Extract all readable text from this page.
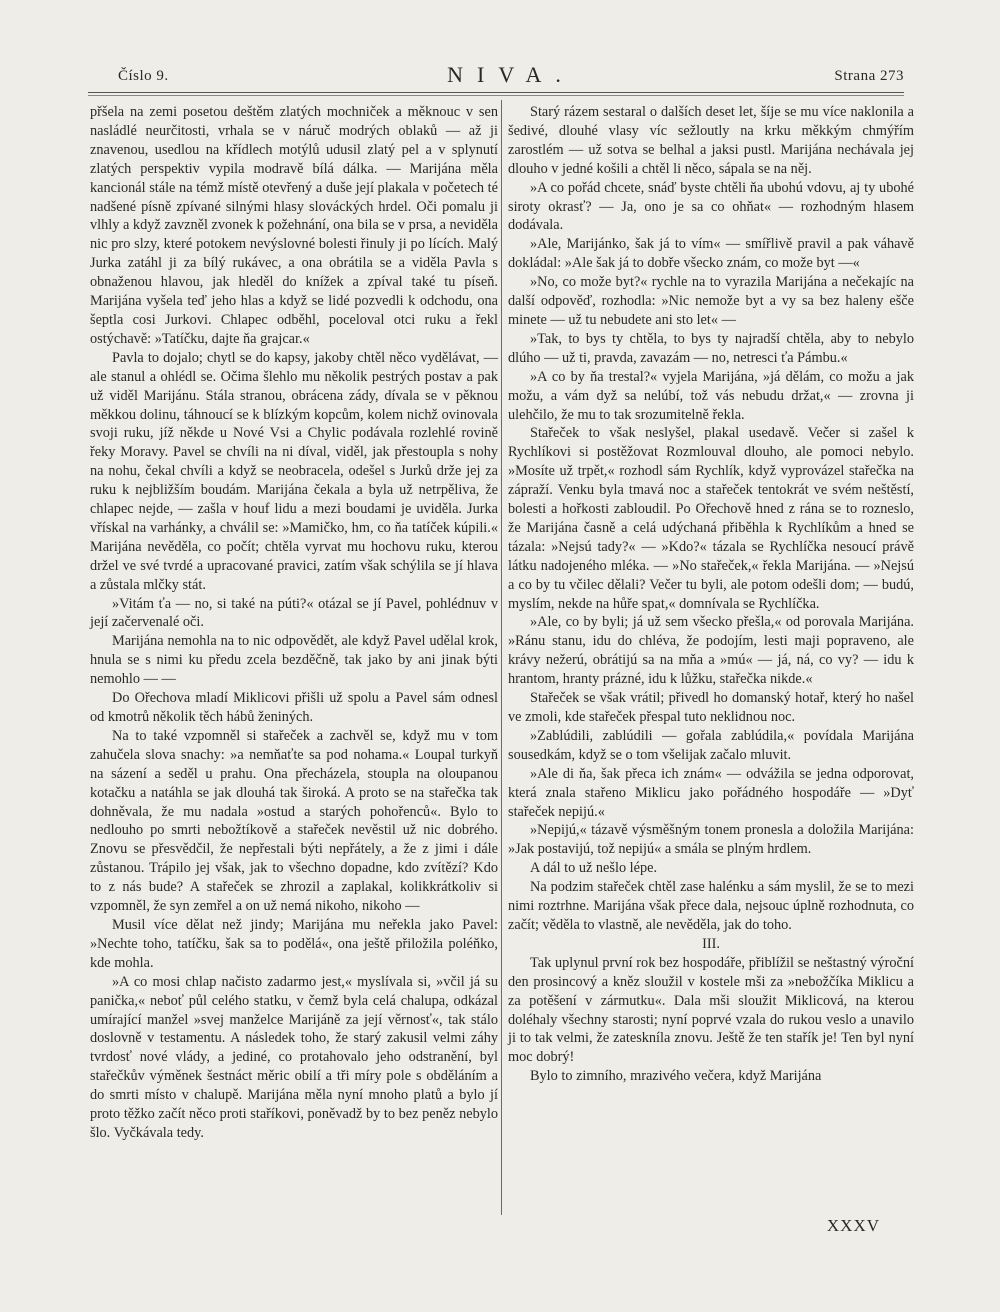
Číslo 9.	NIVA.	Strana 273

přšela na zemi posetou deštěm zlatých mochniček a měknouc v sen nasládlé neurčitosti, vrhala se v náruč modrých oblaků — až ji znavenou, usedlou na křídlech motýlů udusil zlatý pel a v splynutí zlatých perspektiv vypila modravě bílá dálka. — Marijána měla kancionál stále na témž místě otevřený a duše její plakala v početech té nadšené písně zpívané silnými hlasy slováckých hrdel. Oči pomalu ji vlhly a když zavzněl zvonek k požehnání, ona bila se v prsa, a neviděla nic pro slzy, které potokem nevýslovné bolesti řinuly ji po lících. Malý Jurka zatáhl ji za bílý rukávec, a ona obrátila se a viděla Pavla s obnaženou hlavou, jak hleděl do knížek a zpíval také tu píseň. Marijána vyšela teď jeho hlas a když se lidé pozvedli k odchodu, ona šeptla cosi Jurkovi. Chlapec odběhl, poceloval otci ruku a řekl ostýchavě: »Tatíčku, dajte ňa grajcar.«

Pavla to dojalo; chytl se do kapsy, jakoby chtěl něco vydělávat, — ale stanul a ohlédl se. Očima šlehlo mu několik pestrých postav a pak už viděl Marijánu. Stála stranou, obrácena zády, dívala se v pěknou měkkou dolinu, táhnoucí se k blízkým kopcům, kolem nichž ovinovala svoji ruku, jíž někde u Nové Vsi a Chylic podávala rozlehlé rovině řeky Moravy. Pavel se chvíli na ni díval, viděl, jak přestoupla s nohy na nohu, čekal chvíli a když se neobracela, odešel s Jurků drže jej za ruku k nejbližším boudám. Marijána čekala a byla už netrpěliva, že chlapec nejde, — zašla v houf lidu a mezi boudami je uviděla. Jurka vřískal na varhánky, a chválil se: »Mamičko, hm, co ňa tatíček kúpili.« Marijána nevěděla, co počít; chtěla vyrvat mu hochovu ruku, kterou držel ve své tvrdé a upracované pravici, zatím však schýlila se jí hlava a zůstala mlčky stát.

»Vitám ťa — no, si také na púti?« otázal se jí Pavel, pohlédnuv v její začervenalé oči.

Marijána nemohla na to nic odpovědět, ale když Pavel udělal krok, hnula se s nimi ku předu zcela bezděčně, tak jako by ani jinak býti nemohlo — —

Do Ořechova mladí Miklicovi přišli už spolu a Pavel sám odnesl od kmotrů několik těch hábů ženiných.

Na to také vzpomněl si stařeček a zachvěl se, když mu v tom zahučela slova snachy: »a nemňaťte sa pod nohama.« Loupal turkyň na sázení a seděl u prahu. Ona přecházela, stoupla na oloupanou kotačku a natáhla se jak dlouhá tak široká. A proto se na stařečka tak dohněvala, že mu nadala »ostud a starých pohořenců«. Bylo to nedlouho po smrti nebožtíkově a stařeček nevěstil už nic dobrého. Znovu se přesvědčil, že nepřestali býti nepřátely, a že z jimi i dále zůstanou. Trápilo jej však, jak to všechno dopadne, kdo zvítězí? Kdo to z nás bude? A stařeček se zhrozil a zaplakal, kolikkrátkoliv si vzpomněl, že syn zemřel a on už nemá nikoho, nikoho —

Musil více dělat než jindy; Marijána mu neřekla jako Pavel: »Nechte toho, tatíčku, šak sa to podělá«, ona ještě přiložila poléňko, kde mohla.

»A co mosi chlap načisto zadarmo jest,« myslívala si, »včil já su panička,« neboť půl celého statku, v čemž byla celá chalupa, odkázal umírající manžel »svej manželce Marijáně za její věrnosť«, tak stálo doslovně v testamentu. A následek toho, že starý zakusil velmi záhy tvrdosť nové vlády, a jediné, co protahovalo jeho odstranění, byl stařečkův výměnek šestnáct měric obilí a tři míry pole s obděláním a do smrti místo v chalupě. Marijána měla nyní mnoho platů a bylo jí proto těžko začít něco proti staříkovi, poněvadž by to bez peněz nebylo šlo. Vyčkávala tedy.

Starý rázem sestaral o dalších deset let, šíje se mu více naklonila a šedivé, dlouhé vlasy víc sežloutly na krku měkkým chmýřím zarostlém — už sotva se belhal a jaksi pustl. Marijána nechávala jej dlouho v jedné košili a chtěl li něco, sápala se na něj.

»A co pořád chcete, snáď byste chtěli ňa ubohú vdovu, aj ty ubohé siroty okrasť? — Ja, ono je sa co ohňat« — rozhodným hlasem dodávala.

»Ale, Marijánko, šak já to vím« — smířlivě pravil a pak váhavě dokládal: »Ale šak já to dobře všecko znám, co može byt —«

»No, co može byt?« rychle na to vyrazila Marijána a nečekajíc na další odpověď, rozhodla: »Nic nemože byt a vy sa bez haleny ešče minete — už tu nebudete ani sto let« —

»Tak, to bys ty chtěla, to bys ty najradší chtěla, aby to nebylo dlúho — už ti, pravda, zavazám — no, netresci ťa Pámbu.«

»A co by ňa trestal?« vyjela Marijána, »já dělám, co možu a jak možu, a vám dyž sa nelúbí, tož vás nebudu držat,« — zrovna ji ulehčilo, že mu to tak srozumitelně řekla.

Stařeček to však neslyšel, plakal usedavě. Večer si zašel k Rychlíkovi si postěžovat Rozmlouval dlouho, ale pomoci nebylo. »Mosíte už trpět,« rozhodl sám Rychlík, když vyprovázel stařečka na zápraží. Venku byla tmavá noc a stařeček tentokrát ve svém neštěstí, bolesti a hořkosti zabloudil. Po Ořechově hned z rána se to rozneslo, že Marijána časně a celá udýchaná přiběhla k Rychlíkům a hned se tázala: »Nejsú tady?« — »Kdo?« tázala se Rychlíčka nesoucí právě látku nadojeného mléka. — »No stařeček,« řekla Marijána. — »Nejsú a co by tu včilec dělali? Večer tu byli, ale potom odešli dom; — budú, myslím, nekde na hůře spat,« domnívala se Rychlíčka.

»Ale, co by byli; já už sem všecko přešla,« od porovala Marijána. »Ránu stanu, idu do chléva, že podojím, lesti maji popraveno, ale krávy nežerú, obrátijú sa na mňa a »mú« — já, ná, co vy? — idu k hrantom, hranty prázné, idu k lůžku, stařečka nikde.«

Stařeček se však vrátil; přivedl ho domanský hotař, který ho našel ve zmoli, kde stařeček přespal tuto neklidnou noc.

»Zablúdili, zablúdili — gořala zablúdila,« povídala Marijána sousedkám, když se o tom všelijak začalo mluvit.

»Ale di ňa, šak přeca ich znám« — odvážila se jedna odporovat, která znala stařeno Miklicu jako pořádného hospodáře — »Dyť stařeček nepijú.«

»Nepijú,« tázavě výsměšným tonem pronesla a doložila Marijána: »Jak postavijú, tož nepijú« a smála se plným hrdlem.

A dál to už nešlo lépe.

Na podzim stařeček chtěl zase halénku a sám myslil, že se to mezi nimi roztrhne. Marijána však přece dala, nejsouc úplně rozhodnuta, co začít; věděla to vlastně, ale nevěděla, jak do toho.

III.

Tak uplynul první rok bez hospodáře, přiblížil se neštastný výroční den prosincový a kněz sloužil v kostele mši za »nebožčíka Miklicu a za potěšení v zármutku«. Dala mši sloužit Miklicová, na kterou doléhaly všechny starosti; nyní poprvé vzala do rukou veslo a unavilo ji to tak velmi, že zateskníla znovu. Ještě že ten stařík je! Ten byl nyní moc dobrý!

Bylo to zimního, mrazivého večera, když Marijána

XXXV
